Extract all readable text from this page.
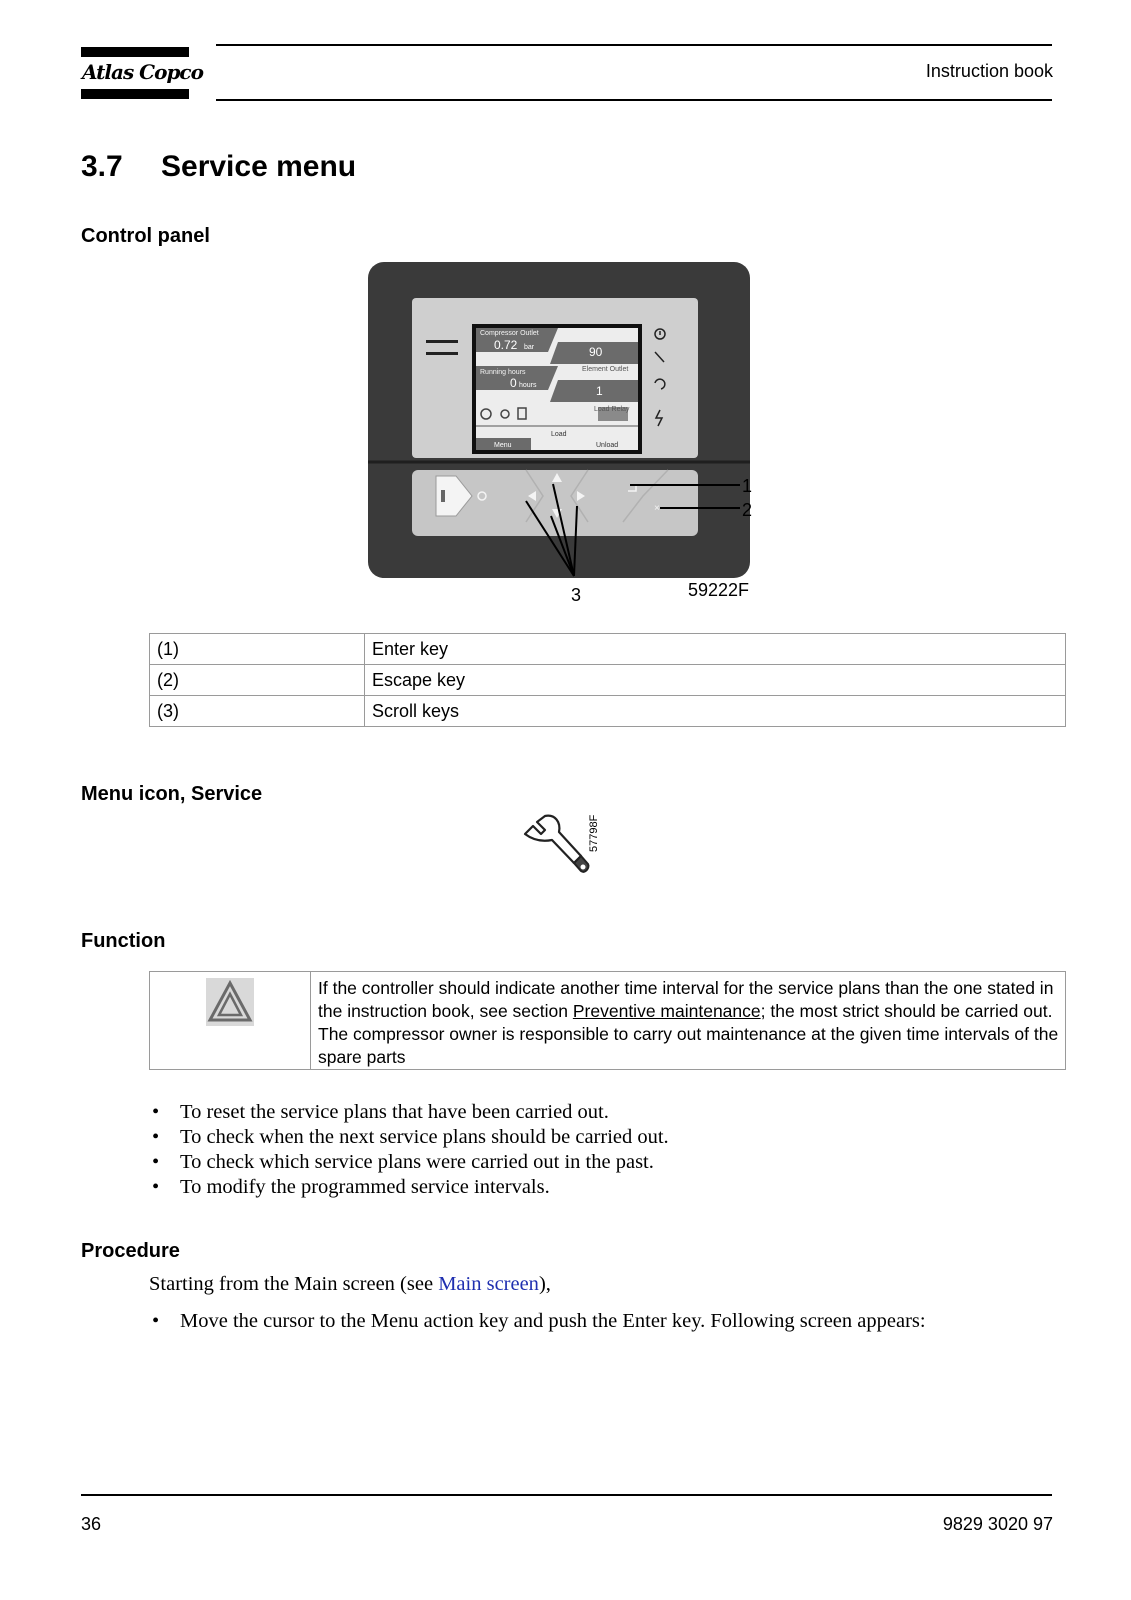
Atlas Copco	Instruction book
3.7 Service menu
Control panel
Compressor Outlet
0.72 bar	90
Element Outlet
Running hours
0 hours	1
Load Relay
Load
Menu	Unload
×
1
2
3	59222F
(1)	Enter key
(2)	Escape key
(3)	Scroll keys
Menu icon, Service
57798F
Function
If the controller should indicate another time interval for the service plans than the one stated in the instruction book, see section Preventive maintenance; the most strict should be carried out. The compressor owner is responsible to carry out maintenance at the given time intervals of the spare parts
• To reset the service plans that have been carried out.
• To check when the next service plans should be carried out.
• To check which service plans were carried out in the past.
• To modify the programmed service intervals.
Procedure
Starting from the Main screen (see Main screen),
• Move the cursor to the Menu action key and push the Enter key. Following screen appears:
36	9829 3020 97
